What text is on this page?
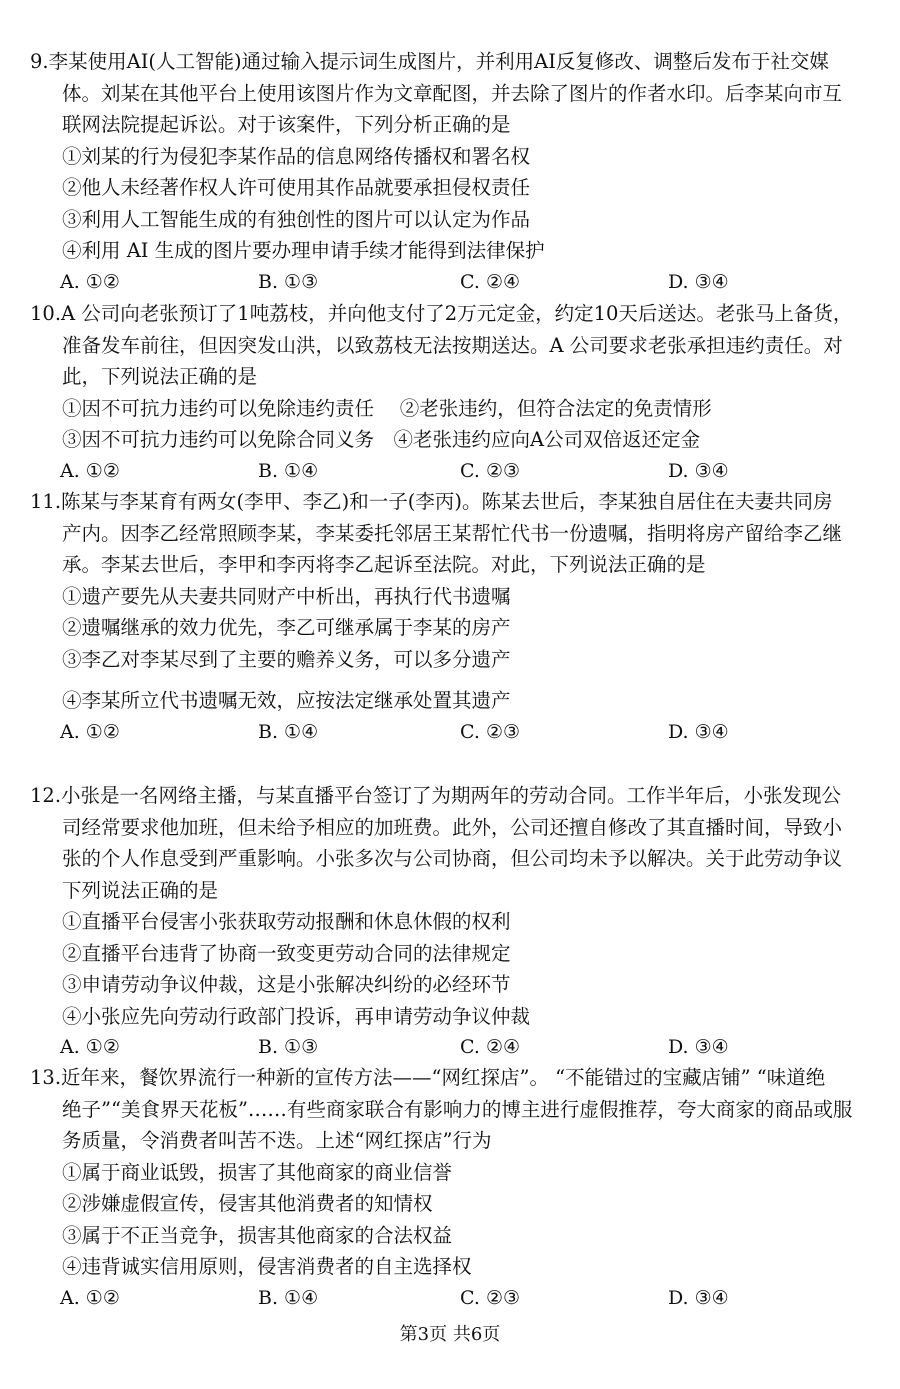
9.李某使用AI(人工智能)通过输入提示词生成图片，并利用AI反复修改、调整后发布于社交媒
体。刘某在其他平台上使用该图片作为文章配图，并去除了图片的作者水印。后李某向市互
联网法院提起诉讼。对于该案件，下列分析正确的是

①刘某的行为侵犯李某作品的信息网络传播权和署名权
②他人未经著作权人许可使用其作品就要承担侵权责任
③利用人工智能生成的有独创性的图片可以认定为作品
④利用 AI 生成的图片要办理申请手续才能得到法律保护
A. ①②	B. ①③	C. ②④	D. ③④

10.A 公司向老张预订了1吨荔枝，并向他支付了2万元定金，约定10天后送达。老张马上备货，
准备发车前往，但因突发山洪，以致荔枝无法按期送达。A 公司要求老张承担违约责任。对
此，下列说法正确的是

①因不可抗力违约可以免除违约责任　 ②老张违约，但符合法定的免责情形
③因不可抗力违约可以免除合同义务　④老张违约应向A公司双倍返还定金
A. ①②	B. ①④	C. ②③	D. ③④

11.陈某与李某育有两女(李甲、李乙)和一子(李丙)。陈某去世后，李某独自居住在夫妻共同房
产内。因李乙经常照顾李某，李某委托邻居王某帮忙代书一份遗嘱，指明将房产留给李乙继
承。李某去世后，李甲和李丙将李乙起诉至法院。对此，下列说法正确的是

①遗产要先从夫妻共同财产中析出，再执行代书遗嘱
②遗嘱继承的效力优先，李乙可继承属于李某的房产
③李乙对李某尽到了主要的赡养义务，可以多分遗产
④李某所立代书遗嘱无效，应按法定继承处置其遗产
A. ①②	B. ①④	C. ②③	D. ③④

12.小张是一名网络主播，与某直播平台签订了为期两年的劳动合同。工作半年后，小张发现公
司经常要求他加班，但未给予相应的加班费。此外，公司还擅自修改了其直播时间，导致小
张的个人作息受到严重影响。小张多次与公司协商，但公司均未予以解决。关于此劳动争议
下列说法正确的是

①直播平台侵害小张获取劳动报酬和休息休假的权利
②直播平台违背了协商一致变更劳动合同的法律规定
③申请劳动争议仲裁，这是小张解决纠纷的必经环节
④小张应先向劳动行政部门投诉，再申请劳动争议仲裁
A. ①②	B. ①③	C. ②④	D. ③④

13.近年来，餐饮界流行一种新的宣传方法——“网红探店”。 “不能错过的宝藏店铺” “味道绝
绝子”“美食界天花板”……有些商家联合有影响力的博主进行虚假推荐，夸大商家的商品或服
务质量，令消费者叫苦不迭。上述“网红探店”行为

①属于商业诋毁，损害了其他商家的商业信誉
②涉嫌虚假宣传，侵害其他消费者的知情权
③属于不正当竞争，损害其他商家的合法权益
④违背诚实信用原则，侵害消费者的自主选择权
A. ①②	B. ①④	C. ②③	D. ③④
第3页 共6页
